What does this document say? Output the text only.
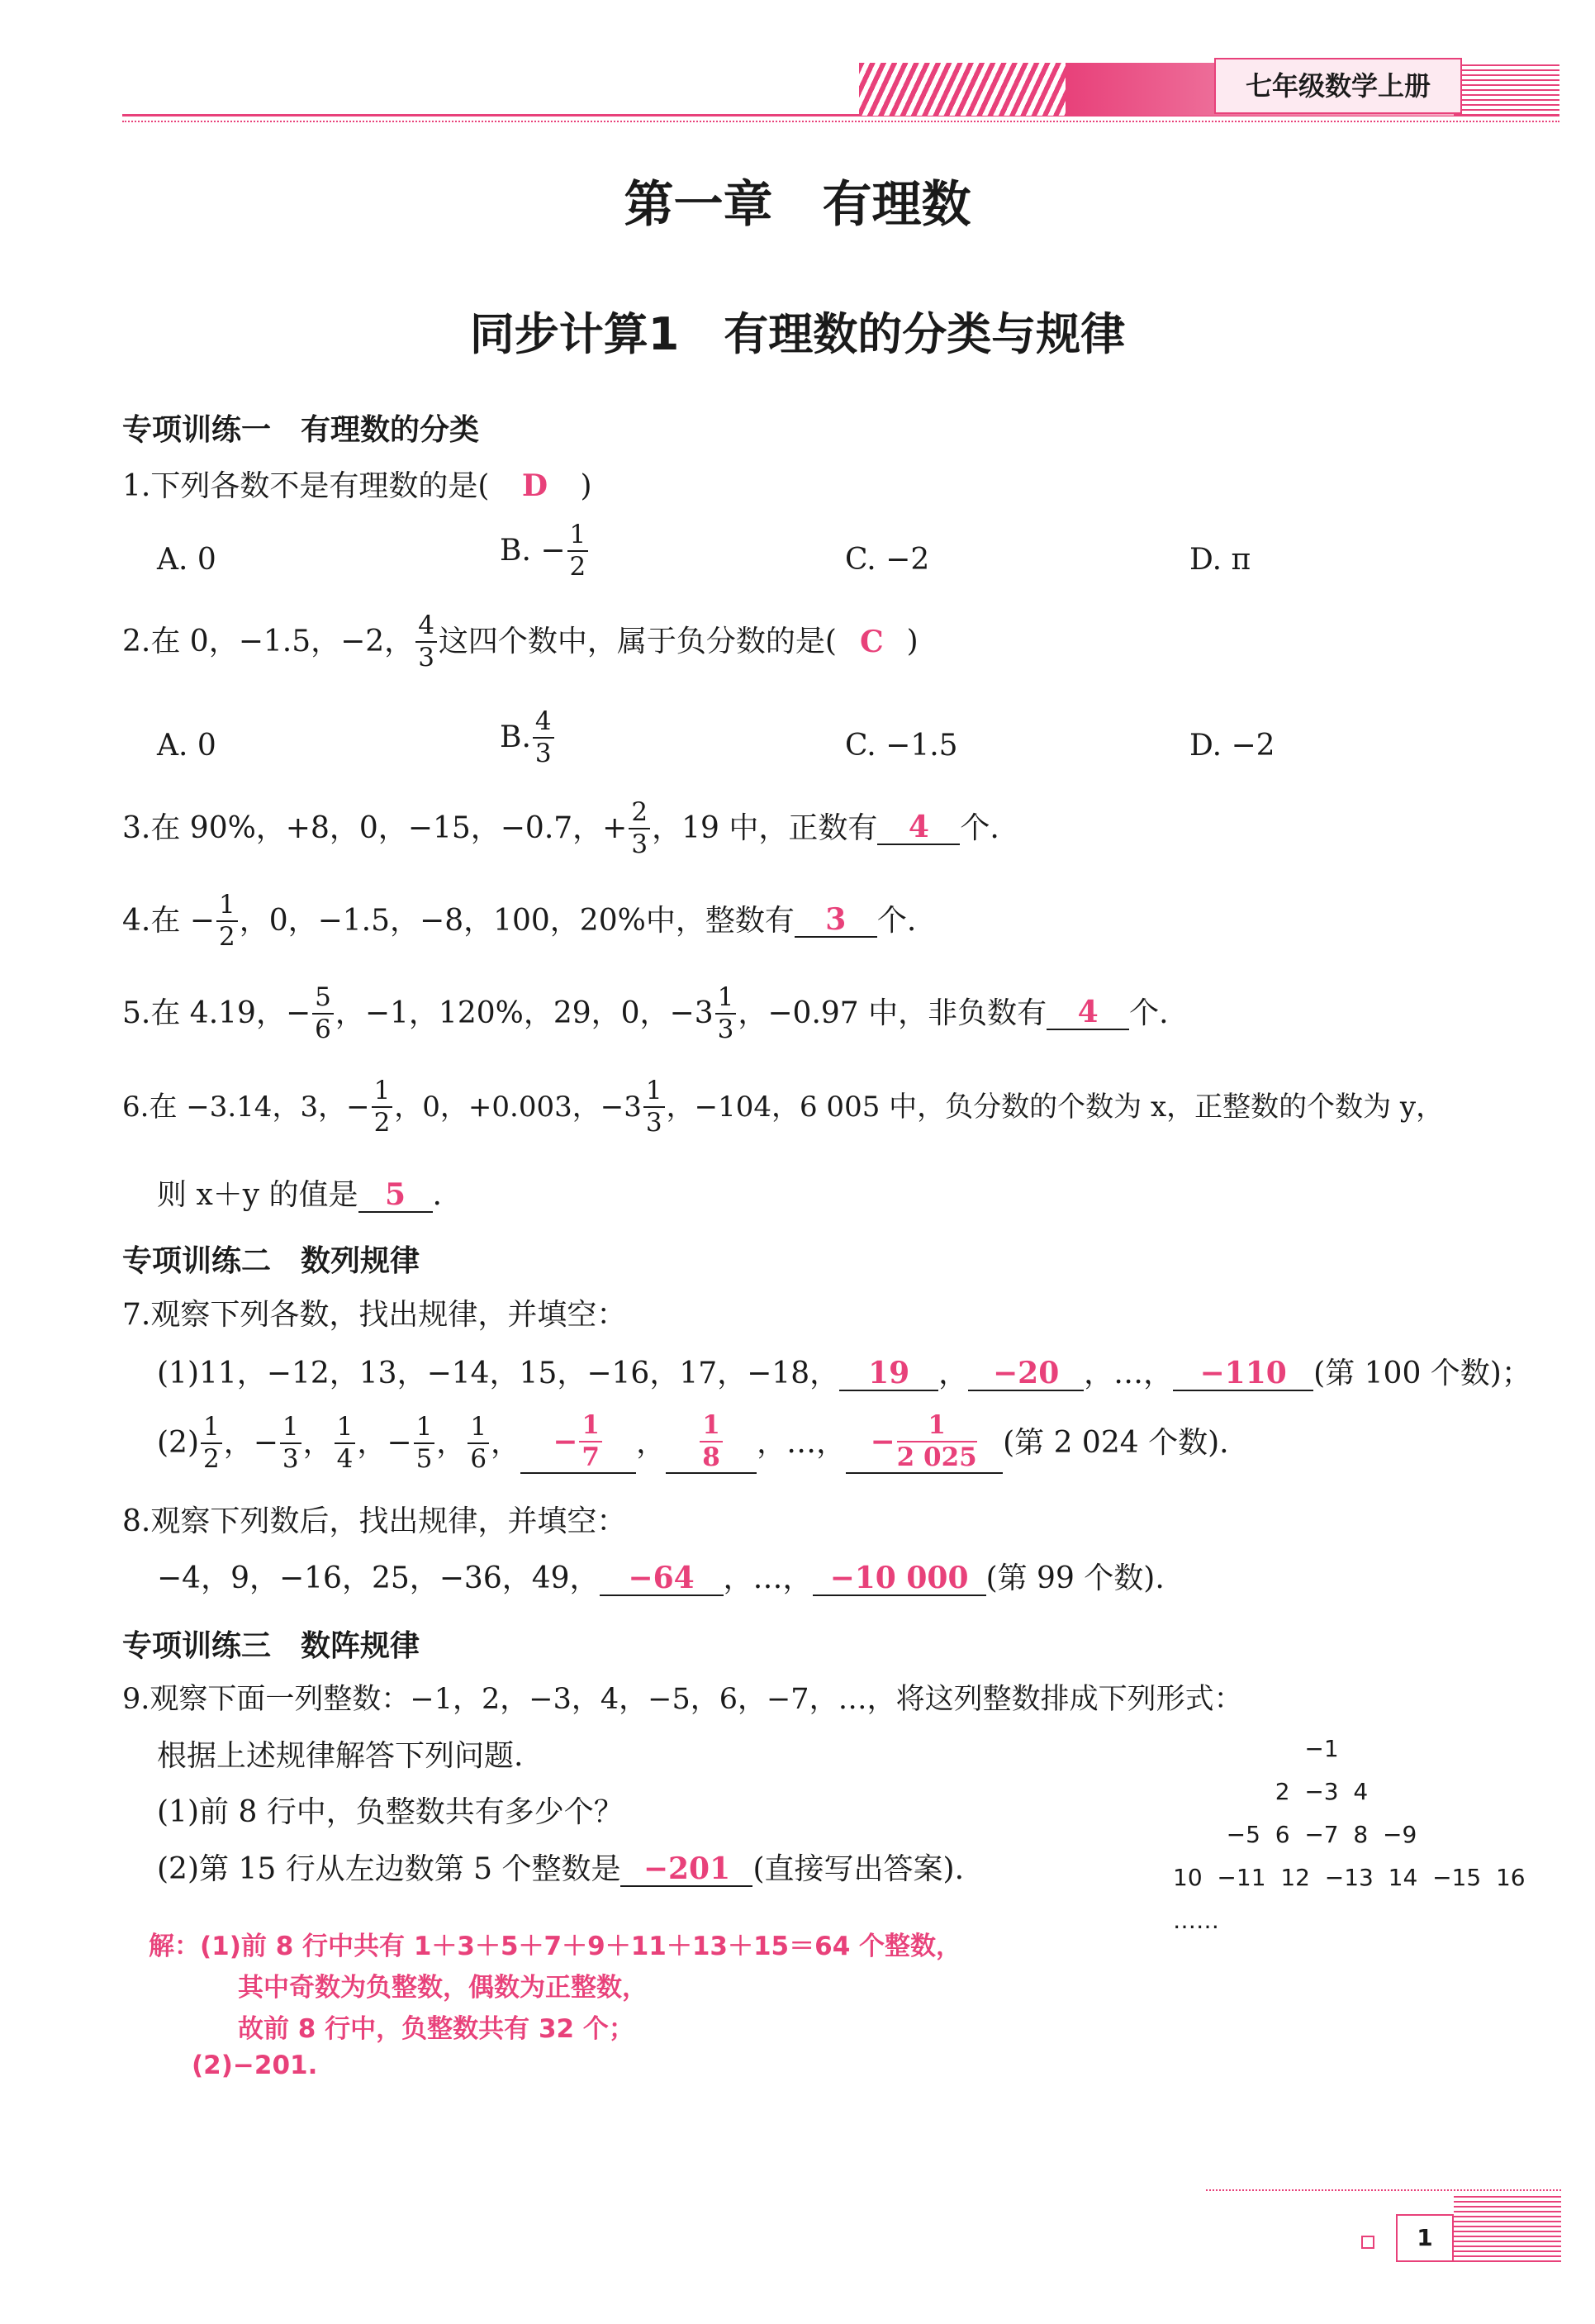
七年级数学上册
第一章　有理数
同步计算1　有理数的分类与规律
专项训练一　有理数的分类
1.下列各数不是有理数的是( D )
A. 0	B. − $\frac{1}{2}$	C. −2	D. π
2.在 0，−1.5，−2， $\frac{4}{3}$ 这四个数中，属于负分数的是( C )
A. 0	B. $\frac{4}{3}$	C. −1.5	D. −2
3.在 90%，+8，0，−15，−0.7，+ $\frac{2}{3}$ ，19 中，正数有 4 个.
4.在 − $\frac{1}{2}$ ，0，−1.5，−8，100，20%中，整数有 3 个.
5.在 4.19，− $\frac{5}{6}$ ，−1，120%，29，0，$-3 \frac{1}{3}$ ，−0.97 中，非负数有 4 个.
6.在 −3.14，3，− $\frac{1}{2}$ ，0，+0.003，$-3 \frac{1}{3}$ ，−104，6 005 中，负分数的个数为 x，正整数的个数为 y，
则 x＋y 的值是 5 .
专项训练二　数列规律
7.观察下列各数，找出规律，并填空：
(1)11，−12，13，−14，15，−16，17，−18， 19 ， −20 ，…， −110 (第 100 个数)；
$(2) \frac{1}{2}$ ，− $\frac{1}{3}$ ， $\frac{1}{4}$ ，− $\frac{1}{5}$ ， $\frac{1}{6}$ ， − $\frac{1}{7}$ ， $\frac{1}{8}$ ，…， − $\frac{1}{2 025}$ (第 2 024 个数).
8.观察下列数后，找出规律，并填空：
−4，9，−16，25，−36，49， −64 ，…， −10 000 (第 99 个数).
专项训练三　数阵规律
9.观察下面一列整数：−1，2，−3，4，−5，6，−7，…，将这列整数排成下列形式：
根据上述规律解答下列问题.
(1)前 8 行中，负整数共有多少个？
(2)第 15 行从左边数第 5 个整数是 −201 (直接写出答案).
−1
2  −3  4
−5  6  −7  8  −9
10  −11  12  −13  14  −15  16
……
解：(1)前 8 行中共有 1＋3＋5＋7＋9＋11＋13＋15＝64 个整数，
其中奇数为负整数，偶数为正整数，
故前 8 行中，负整数共有 32 个；
(2)−201.
1
